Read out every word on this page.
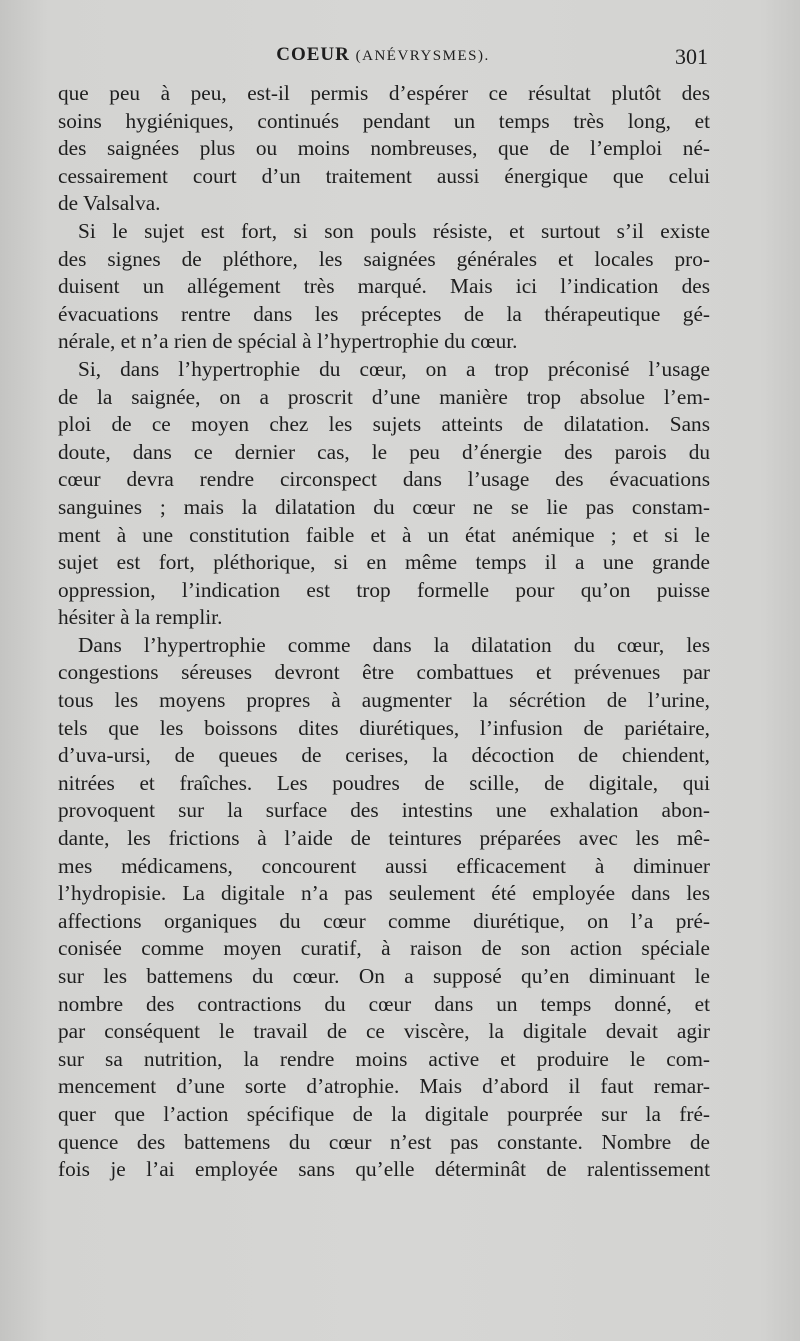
COEUR (ANÉVRYSMES).	301
que peu à peu, est-il permis d’espérer ce résultat plutôt des
soins hygiéniques, continués pendant un temps très long, et
des saignées plus ou moins nombreuses, que de l’emploi né-
cessairement court d’un traitement aussi énergique que celui
de Valsalva.
Si le sujet est fort, si son pouls résiste, et surtout s’il existe
des signes de pléthore, les saignées générales et locales pro-
duisent un allégement très marqué. Mais ici l’indication des
évacuations rentre dans les préceptes de la thérapeutique gé-
nérale, et n’a rien de spécial à l’hypertrophie du cœur.
Si, dans l’hypertrophie du cœur, on a trop préconisé l’usage
de la saignée, on a proscrit d’une manière trop absolue l’em-
ploi de ce moyen chez les sujets atteints de dilatation. Sans
doute, dans ce dernier cas, le peu d’énergie des parois du
cœur devra rendre circonspect dans l’usage des évacuations
sanguines ; mais la dilatation du cœur ne se lie pas constam-
ment à une constitution faible et à un état anémique ; et si le
sujet est fort, pléthorique, si en même temps il a une grande
oppression, l’indication est trop formelle pour qu’on puisse
hésiter à la remplir.
Dans l’hypertrophie comme dans la dilatation du cœur, les
congestions séreuses devront être combattues et prévenues par
tous les moyens propres à augmenter la sécrétion de l’urine,
tels que les boissons dites diurétiques, l’infusion de pariétaire,
d’uva-ursi, de queues de cerises, la décoction de chiendent,
nitrées et fraîches. Les poudres de scille, de digitale, qui
provoquent sur la surface des intestins une exhalation abon-
dante, les frictions à l’aide de teintures préparées avec les mê-
mes médicamens, concourent aussi efficacement à diminuer
l’hydropisie. La digitale n’a pas seulement été employée dans les
affections organiques du cœur comme diurétique, on l’a pré-
conisée comme moyen curatif, à raison de son action spéciale
sur les battemens du cœur. On a supposé qu’en diminuant le
nombre des contractions du cœur dans un temps donné, et
par conséquent le travail de ce viscère, la digitale devait agir
sur sa nutrition, la rendre moins active et produire le com-
mencement d’une sorte d’atrophie. Mais d’abord il faut remar-
quer que l’action spécifique de la digitale pourprée sur la fré-
quence des battemens du cœur n’est pas constante. Nombre de
fois je l’ai employée sans qu’elle déterminât de ralentissement
